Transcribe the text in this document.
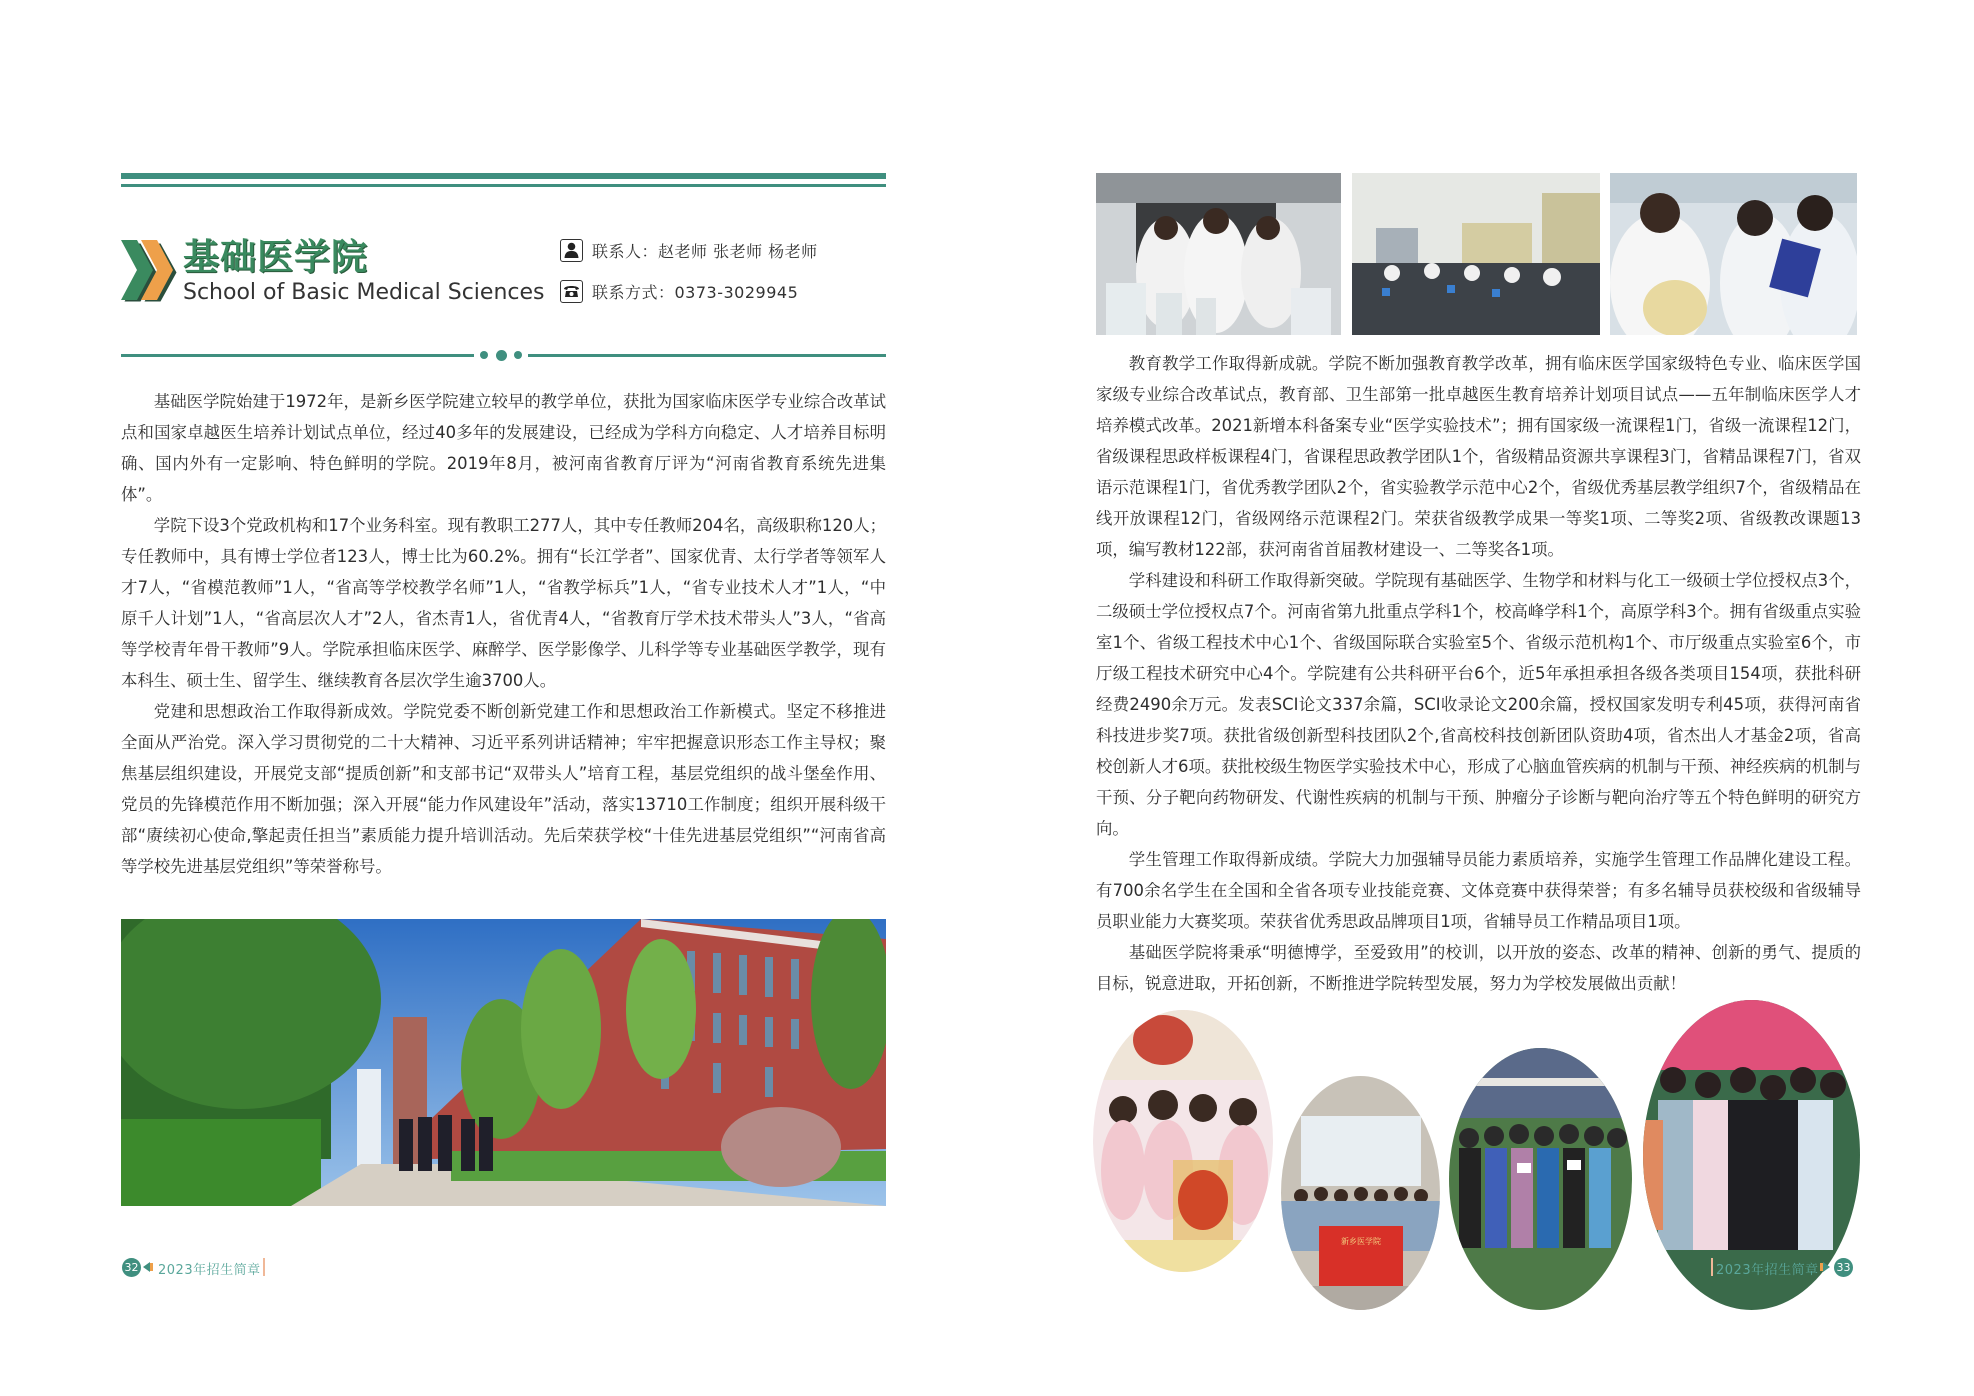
基础医学院
School of Basic Medical Sciences
联系人：赵老师 张老师 杨老师
联系方式：0373-3029945

基础医学院始建于1972年，是新乡医学院建立较早的教学单位，获批为国家临床医学专业综合改革试点和国家卓越医生培养计划试点单位，经过40多年的发展建设，已经成为学科方向稳定、人才培养目标明确、国内外有一定影响、特色鲜明的学院。2019年8月，被河南省教育厅评为“河南省教育系统先进集体”。

学院下设3个党政机构和17个业务科室。现有教职工277人，其中专任教师204名，高级职称120人；专任教师中，具有博士学位者123人，博士比为60.2%。拥有“长江学者”、国家优青、太行学者等领军人才7人，“省模范教师”1人，“省高等学校教学名师”1人，“省教学标兵”1人，“省专业技术人才”1人，“中原千人计划”1人，“省高层次人才”2人，省杰青1人，省优青4人，“省教育厅学术技术带头人”3人，“省高等学校青年骨干教师”9人。学院承担临床医学、麻醉学、医学影像学、儿科学等专业基础医学教学，现有本科生、硕士生、留学生、继续教育各层次学生逾3700人。

党建和思想政治工作取得新成效。学院党委不断创新党建工作和思想政治工作新模式。坚定不移推进全面从严治党。深入学习贯彻党的二十大精神、习近平系列讲话精神；牢牢把握意识形态工作主导权；聚焦基层组织建设，开展党支部“提质创新”和支部书记“双带头人”培育工程，基层党组织的战斗堡垒作用、党员的先锋模范作用不断加强；深入开展“能力作风建设年”活动，落实13710工作制度；组织开展科级干部“赓续初心使命,擎起责任担当”素质能力提升培训活动。先后荣获学校“十佳先进基层党组织”“河南省高等学校先进基层党组织”等荣誉称号。

32 2023年招生简章

教育教学工作取得新成就。学院不断加强教育教学改革，拥有临床医学国家级特色专业、临床医学国家级专业综合改革试点，教育部、卫生部第一批卓越医生教育培养计划项目试点——五年制临床医学人才培养模式改革。2021新增本科备案专业“医学实验技术”；拥有国家级一流课程1门，省级一流课程12门，省级课程思政样板课程4门，省课程思政教学团队1个，省级精品资源共享课程3门，省精品课程7门，省双语示范课程1门，省优秀教学团队2个，省实验教学示范中心2个，省级优秀基层教学组织7个，省级精品在线开放课程12门，省级网络示范课程2门。荣获省级教学成果一等奖1项、二等奖2项、省级教改课题13项，编写教材122部，获河南省首届教材建设一、二等奖各1项。

学科建设和科研工作取得新突破。学院现有基础医学、生物学和材料与化工一级硕士学位授权点3个，二级硕士学位授权点7个。河南省第九批重点学科1个，校高峰学科1个，高原学科3个。拥有省级重点实验室1个、省级工程技术中心1个、省级国际联合实验室5个、省级示范机构1个、市厅级重点实验室6个，市厅级工程技术研究中心4个。学院建有公共科研平台6个，近5年承担承担各级各类项目154项，获批科研经费2490余万元。发表SCI论文337余篇，SCI收录论文200余篇，授权国家发明专利45项，获得河南省科技进步奖7项。获批省级创新型科技团队2个,省高校科技创新团队资助4项，省杰出人才基金2项，省高校创新人才6项。获批校级生物医学实验技术中心，形成了心脑血管疾病的机制与干预、神经疾病的机制与干预、分子靶向药物研发、代谢性疾病的机制与干预、肿瘤分子诊断与靶向治疗等五个特色鲜明的研究方向。

学生管理工作取得新成绩。学院大力加强辅导员能力素质培养，实施学生管理工作品牌化建设工程。有700余名学生在全国和全省各项专业技能竞赛、文体竞赛中获得荣誉；有多名辅导员获校级和省级辅导员职业能力大赛奖项。荣获省优秀思政品牌项目1项，省辅导员工作精品项目1项。

基础医学院将秉承“明德博学，至爱致用”的校训，以开放的姿态、改革的精神、创新的勇气、提质的目标，锐意进取，开拓创新，不断推进学院转型发展，努力为学校发展做出贡献！

新乡医学院
2023年招生简章 33
